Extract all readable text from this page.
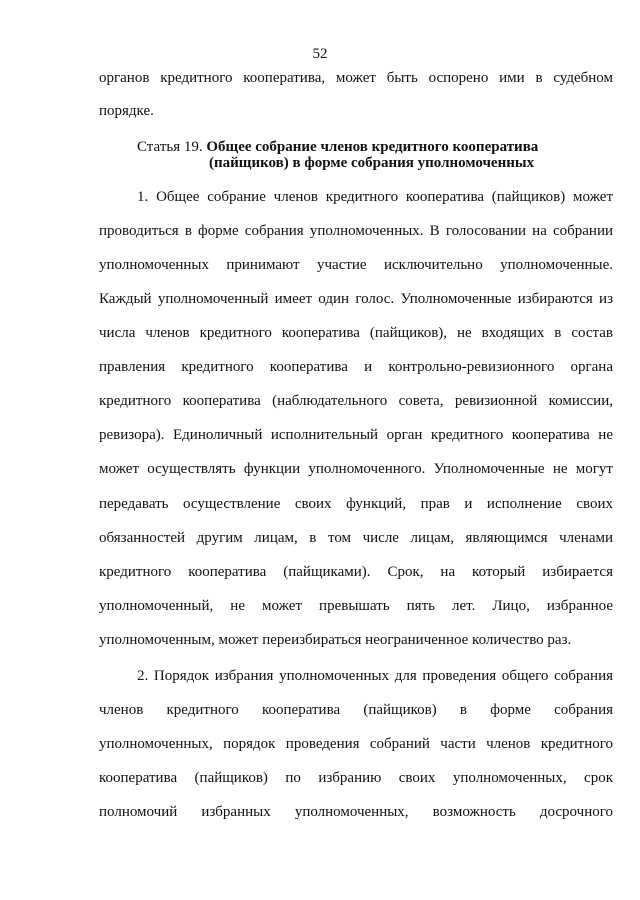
52
органов кредитного кооператива, может быть оспорено ими в судебном
порядке.
Статья 19. Общее собрание членов кредитного кооператива
(пайщиков) в форме собрания уполномоченных
1. Общее собрание членов кредитного кооператива (пайщиков) может
проводиться в форме собрания уполномоченных. В голосовании на собрании
уполномоченных принимают участие исключительно уполномоченные.
Каждый уполномоченный имеет один голос. Уполномоченные избираются из
числа членов кредитного кооператива (пайщиков), не входящих в состав
правления кредитного кооператива и контрольно-ревизионного органа
кредитного кооператива (наблюдательного совета, ревизионной комиссии,
ревизора). Единоличный исполнительный орган кредитного кооператива не
может осуществлять функции уполномоченного. Уполномоченные не могут
передавать осуществление своих функций, прав и исполнение своих
обязанностей другим лицам, в том числе лицам, являющимся членами
кредитного кооператива (пайщиками). Срок, на который избирается
уполномоченный, не может превышать пять лет. Лицо, избранное
уполномоченным, может переизбираться неограниченное количество раз.
2. Порядок избрания уполномоченных для проведения общего собрания
членов кредитного кооператива (пайщиков) в форме собрания
уполномоченных, порядок проведения собраний части членов кредитного
кооператива (пайщиков) по избранию своих уполномоченных, срок
полномочий избранных уполномоченных, возможность досрочного
